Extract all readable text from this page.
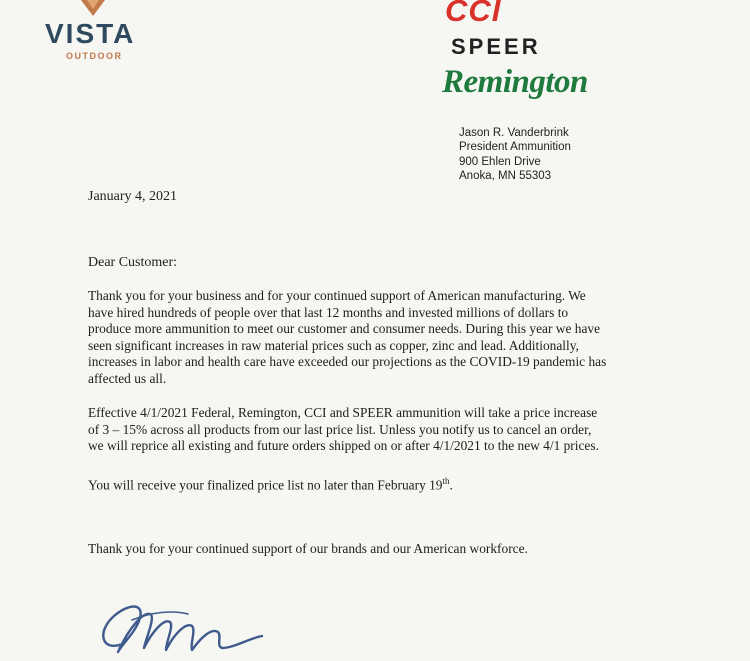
VISTA
OUTDOOR
CCI
SPEER
Remington
Jason R. Vanderbrink
President Ammunition
900 Ehlen Drive
Anoka, MN 55303
January 4, 2021
Dear Customer:

Thank you for your business and for your continued support of American manufacturing. We
have hired hundreds of people over that last 12 months and invested millions of dollars to
produce more ammunition to meet our customer and consumer needs. During this year we have
seen significant increases in raw material prices such as copper, zinc and lead. Additionally,
increases in labor and health care have exceeded our projections as the COVID-19 pandemic has
affected us all.

Effective 4/1/2021 Federal, Remington, CCI and SPEER ammunition will take a price increase
of 3 – 15% across all products from our last price list. Unless you notify us to cancel an order,
we will reprice all existing and future orders shipped on or after 4/1/2021 to the new 4/1 prices.

You will receive your finalized price list no later than February 19th.

Thank you for your continued support of our brands and our American workforce.
